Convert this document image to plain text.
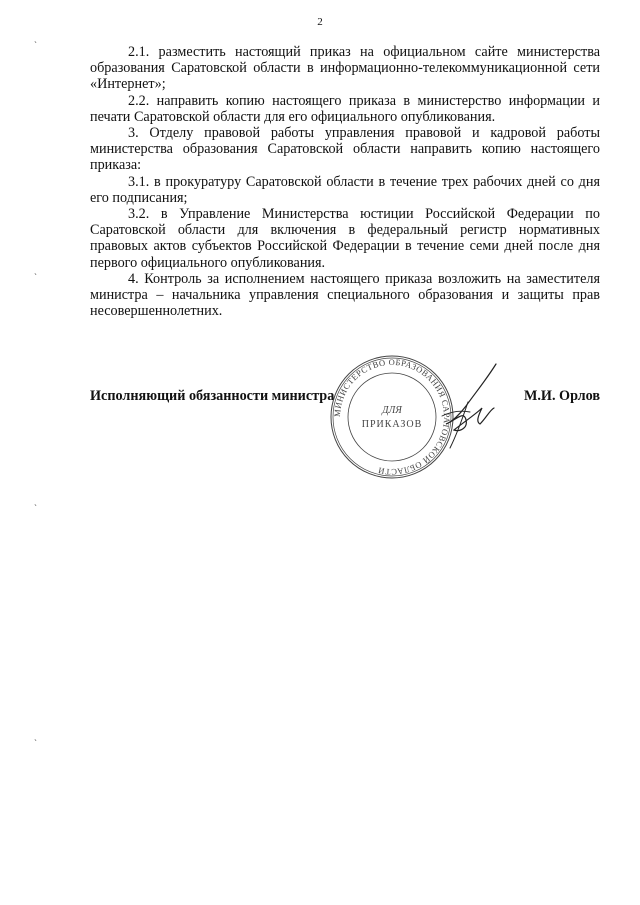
2

2.1. разместить настоящий приказ на официальном сайте министерства образования Саратовской области в информационно-телекоммуникационной сети «Интернет»;

2.2. направить копию настоящего приказа в министерство информации и печати Саратовской области для его официального опубликования.

3. Отделу правовой работы управления правовой и кадровой работы министерства образования Саратовской области направить копию настоящего приказа:

3.1. в прокуратуру Саратовской области в течение трех рабочих дней со дня его подписания;

3.2. в Управление Министерства юстиции Российской Федерации по Саратовской области для включения в федеральный регистр нормативных правовых актов субъектов Российской Федерации в течение семи дней после дня первого официального опубликования.

4. Контроль за исполнением настоящего приказа возложить на заместителя министра – начальника управления специального образования и защиты прав несовершеннолетних.

Исполняющий обязанности министра	М.И. Орлов
МИНИСТЕРСТВО ОБРАЗОВАНИЯ САРАТОВСКОЙ ОБЛАСТИ
ДЛЯ
ПРИКАЗОВ
`
`
`
`
